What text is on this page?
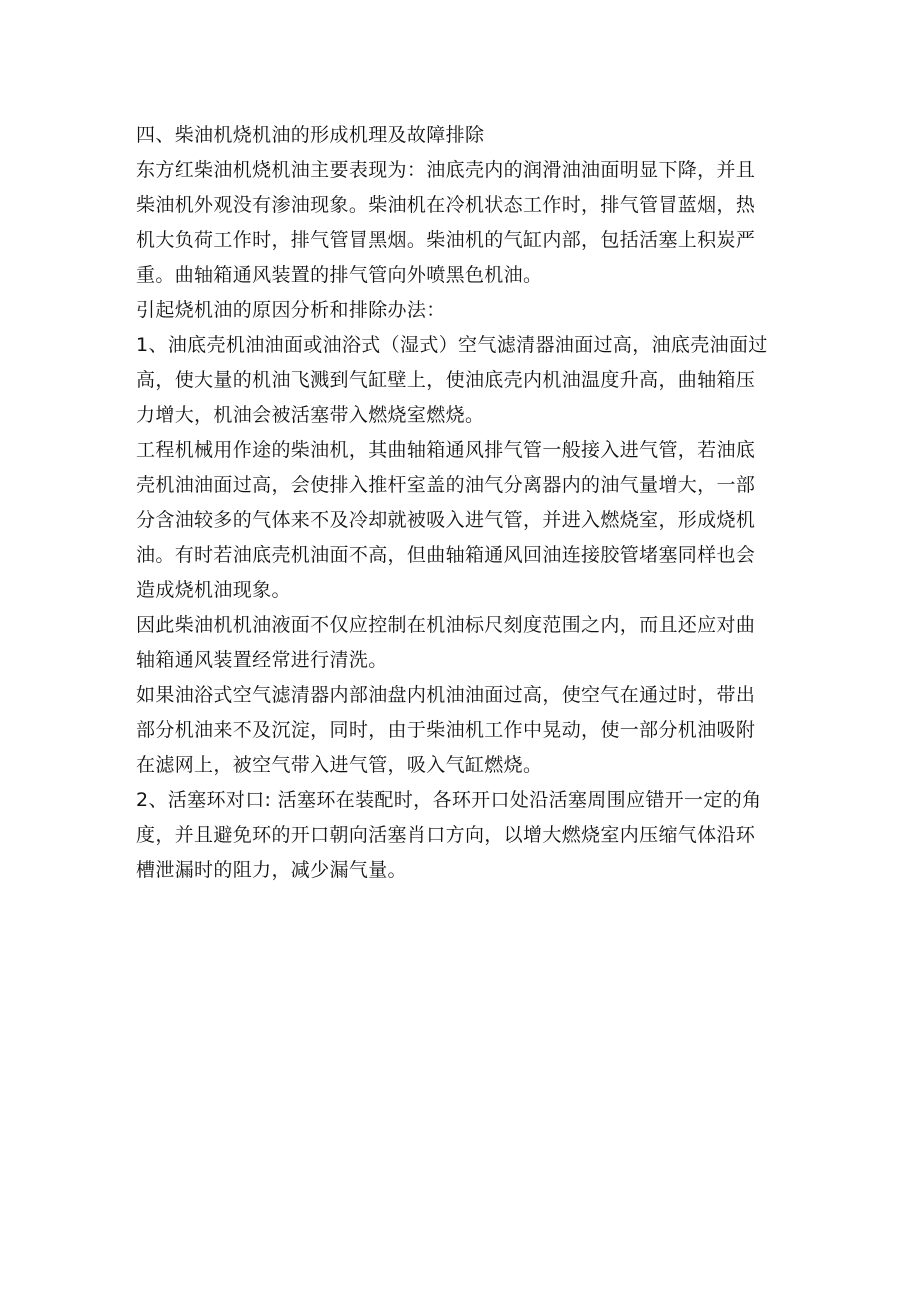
四、柴油机烧机油的形成机理及故障排除
东方红柴油机烧机油主要表现为：油底壳内的润滑油油面明显下降，并且
柴油机外观没有渗油现象。柴油机在冷机状态工作时，排气管冒蓝烟，热
机大负荷工作时，排气管冒黑烟。柴油机的气缸内部，包括活塞上积炭严
重。曲轴箱通风装置的排气管向外喷黑色机油。
引起烧机油的原因分析和排除办法：
1、油底壳机油油面或油浴式（湿式）空气滤清器油面过高，油底壳油面过
高，使大量的机油飞溅到气缸壁上，使油底壳内机油温度升高，曲轴箱压
力增大，机油会被活塞带入燃烧室燃烧。
工程机械用作途的柴油机，其曲轴箱通风排气管一般接入进气管，若油底
壳机油油面过高，会使排入推杆室盖的油气分离器内的油气量增大，一部
分含油较多的气体来不及冷却就被吸入进气管，并进入燃烧室，形成烧机
油。有时若油底壳机油面不高，但曲轴箱通风回油连接胶管堵塞同样也会
造成烧机油现象。
因此柴油机机油液面不仅应控制在机油标尺刻度范围之内，而且还应对曲
轴箱通风装置经常进行清洗。
如果油浴式空气滤清器内部油盘内机油油面过高，使空气在通过时，带出
部分机油来不及沉淀，同时，由于柴油机工作中晃动，使一部分机油吸附
在滤网上，被空气带入进气管，吸入气缸燃烧。
2、活塞环对口: 活塞环在装配时，各环开口处沿活塞周围应错开一定的角
度，并且避免环的开口朝向活塞肖口方向，以增大燃烧室内压缩气体沿环
槽泄漏时的阻力，减少漏气量。
